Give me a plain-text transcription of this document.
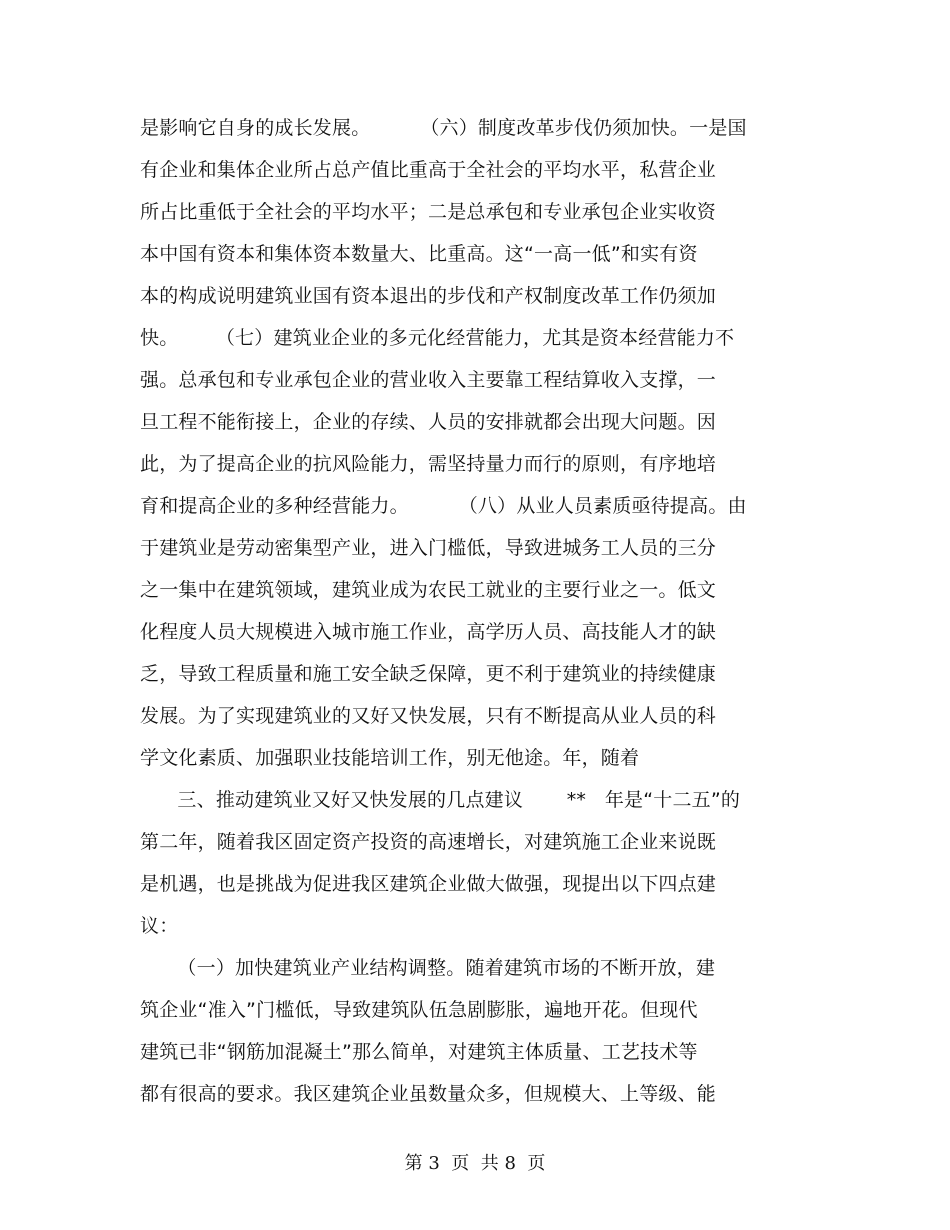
是影响它自身的成长发展。        （六）制度改革步伐仍须加快。一是国
有企业和集体企业所占总产值比重高于全社会的平均水平，私营企业
所占比重低于全社会的平均水平；二是总承包和专业承包企业实收资
本中国有资本和集体资本数量大、比重高。这“一高一低”和实有资
本的构成说明建筑业国有资本退出的步伐和产权制度改革工作仍须加
快。      （七）建筑业企业的多元化经营能力，尤其是资本经营能力不
强。总承包和专业承包企业的营业收入主要靠工程结算收入支撑，一
旦工程不能衔接上，企业的存续、人员的安排就都会出现大问题。因
此，为了提高企业的抗风险能力，需坚持量力而行的原则，有序地培
育和提高企业的多种经营能力。        （八）从业人员素质亟待提高。由
于建筑业是劳动密集型产业，进入门槛低，导致进城务工人员的三分
之一集中在建筑领域，建筑业成为农民工就业的主要行业之一。低文
化程度人员大规模进入城市施工作业，高学历人员、高技能人才的缺
乏，导致工程质量和施工安全缺乏保障，更不利于建筑业的持续健康
发展。为了实现建筑业的又好又快发展，只有不断提高从业人员的科
学文化素质、加强职业技能培训工作，别无他途。年，随着
三、推动建筑业又好又快发展的几点建议       **   年是“十二五”的
第二年，随着我区固定资产投资的高速增长，对建筑施工企业来说既
是机遇，也是挑战为促进我区建筑企业做大做强，现提出以下四点建
议：
（一）加快建筑业产业结构调整。随着建筑市场的不断开放，建
筑企业“准入”门槛低，导致建筑队伍急剧膨胀，遍地开花。但现代
建筑已非“钢筋加混凝土”那么简单，对建筑主体质量、工艺技术等
都有很高的要求。我区建筑企业虽数量众多，但规模大、上等级、能
第 3  页  共 8  页
